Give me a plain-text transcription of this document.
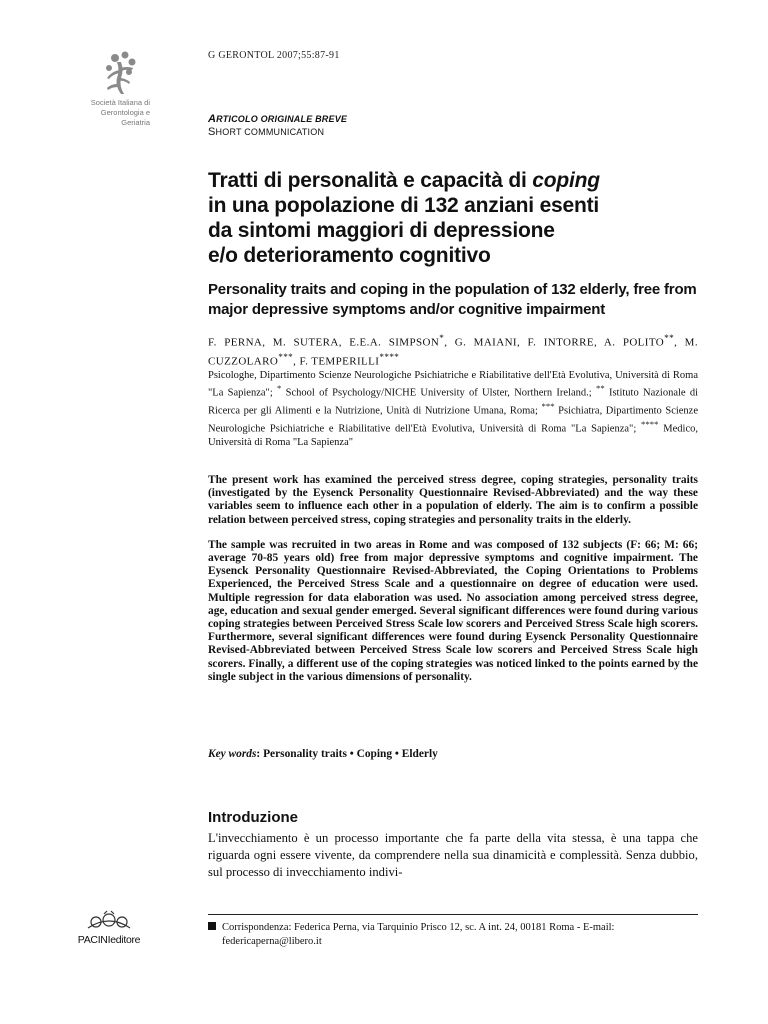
Società Italiana di Gerontologia e Geriatria
G GERONTOL 2007;55:87-91
ARTICOLO ORIGINALE BREVE
SHORT COMMUNICATION
Tratti di personalità e capacità di coping
in una popolazione di 132 anziani esenti
da sintomi maggiori di depressione
e/o deterioramento cognitivo
Personality traits and coping in the population of 132 elderly, free from major depressive symptoms and/or cognitive impairment
F. PERNA, M. SUTERA, E.E.A. SIMPSON*, G. MAIANI, F. INTORRE, A. POLITO**, M. CUZZOLARO***, F. TEMPERILLI****
Psicologhe, Dipartimento Scienze Neurologiche Psichiatriche e Riabilitative dell'Età Evolutiva, Università di Roma "La Sapienza"; * School of Psychology/NICHE University of Ulster, Northern Ireland.; ** Istituto Nazionale di Ricerca per gli Alimenti e la Nutrizione, Unità di Nutrizione Umana, Roma; *** Psichiatra, Dipartimento Scienze Neurologiche Psichiatriche e Riabilitative dell'Età Evolutiva, Università di Roma "La Sapienza"; **** Medico, Università di Roma "La Sapienza"

The present work has examined the perceived stress degree, coping strategies, personality traits (investigated by the Eysenck Personality Questionnaire Revised-Abbreviated) and the way these variables seem to influence each other in a population of elderly. The aim is to confirm a possible relation between perceived stress, coping strategies and personality traits in the elderly.

The sample was recruited in two areas in Rome and was composed of 132 subjects (F: 66; M: 66; average 70-85 years old) free from major depressive symptoms and cognitive impairment. The Eysenck Personality Questionnaire Revised-Abbreviated, the Coping Orientations to Problems Experienced, the Perceived Stress Scale and a questionnaire on degree of education were used. Multiple regression for data elaboration was used. No association among perceived stress degree, age, education and sexual gender emerged. Several significant differences were found during various coping strategies between Perceived Stress Scale low scorers and Perceived Stress Scale high scorers. Furthermore, several significant differences were found during Eysenck Personality Questionnaire Revised-Abbreviated between Perceived Stress Scale low scorers and Perceived Stress Scale high scorers. Finally, a different use of the coping strategies was noticed linked to the points earned by the single subject in the various dimensions of personality.

Key words: Personality traits • Coping • Elderly
Introduzione
L'invecchiamento è un processo importante che fa parte della vita stessa, è una tappa che riguarda ogni essere vivente, da comprendere nella sua dinamicità e complessità. Senza dubbio, sul processo di invecchiamento indivi-
Corrispondenza: Federica Perna, via Tarquinio Prisco 12, sc. A int. 24, 00181 Roma - E-mail: federicaperna@libero.it
PACINIeditore
